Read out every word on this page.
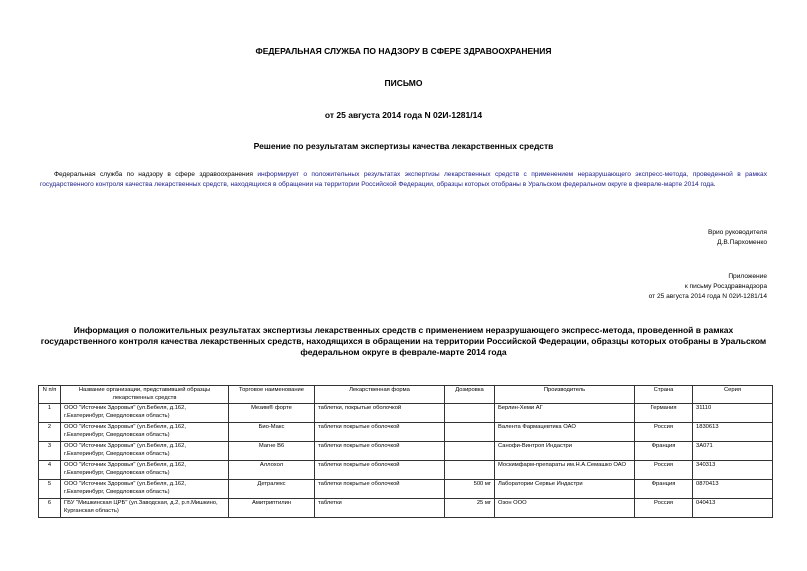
ФЕДЕРАЛЬНАЯ СЛУЖБА ПО НАДЗОРУ В СФЕРЕ ЗДРАВООХРАНЕНИЯ
ПИСЬМО
от 25 августа 2014 года N 02И-1281/14
Решение по результатам экспертизы качества лекарственных средств
Федеральная служба по надзору в сфере здравоохранения информирует о положительных результатах экспертизы лекарственных средств с применением неразрушающего экспресс-метода, проведенной в рамках государственного контроля качества лекарственных средств, находящихся в обращении на территории Российской Федерации, образцы которых отобраны в Уральском федеральном округе в феврале-марте 2014 года.
Врио руководителя
Д.В.Пархоменко
Приложение
к письму Росздравнадзора
от 25 августа 2014 года N 02И-1281/14
Информация о положительных результатах экспертизы лекарственных средств с применением неразрушающего экспресс-метода, проведенной в рамках государственного контроля качества лекарственных средств, находящихся в обращении на территории Российской Федерации, образцы которых отобраны в Уральском федеральном округе в феврале-марте 2014 года
N п/п	Название организации, представившей образцы лекарственных средств	Торговое наименование	Лекарственная форма	Дозировка	Производитель	Страна	Серия
1	ООО "Источник Здоровья" (ул.Бебеля, д.162, г.Екатеринбург, Свердловская область)	Мезим® форте	таблетки, покрытые оболочкой		Берлин-Хеми АГ	Германия	31110
2	ООО "Источник Здоровья" (ул.Бебеля, д.162, г.Екатеринбург, Свердловская область)	Био-Макс	таблетки покрытые оболочкой		Валента Фармацевтика ОАО	Россия	1830613
3	ООО "Источник Здоровья" (ул.Бебеля, д.162, г.Екатеринбург, Свердловская область)	Магне В6	таблетки покрытые оболочкой		Санофи-Винтроп Индастри	Франция	3А071
4	ООО "Источник Здоровья" (ул.Бебеля, д.162, г.Екатеринбург, Свердловская область)	Аллохол	таблетки покрытые оболочкой		Москимфарм-препараты им.Н.А.Семашко ОАО	Россия	340313
5	ООО "Источник Здоровья" (ул.Бебеля, д.162, г.Екатеринбург, Свердловская область)	Детралекс	таблетки покрытые оболочкой	500 мг	Лаборатории Сервье Индастри	Франция	0870413
6	ГБУ "Мишкинская ЦРБ" (ул.Заводская, д.2, р.п.Мишкино, Курганская область)	Амитриптилин	таблетки	25 мг	Озон ООО	Россия	040413
